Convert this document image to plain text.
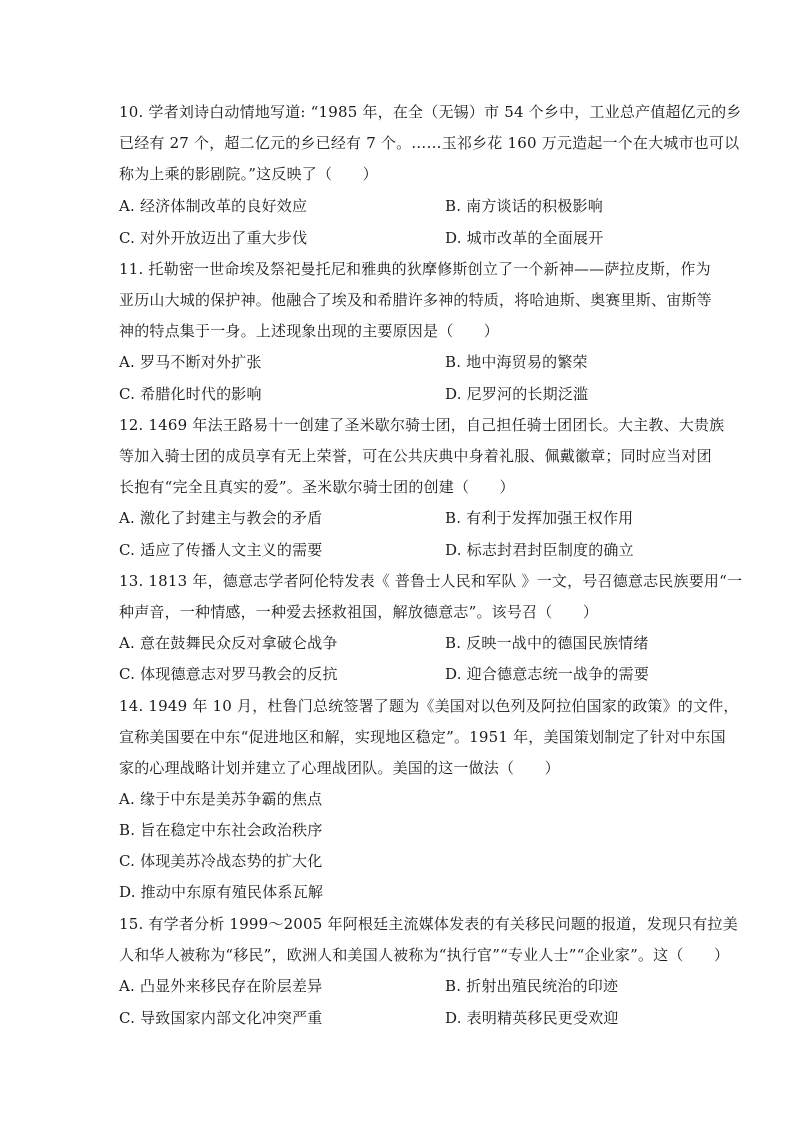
10. 学者刘诗白动情地写道: “1985 年，在全（无锡）市 54 个乡中，工业总产值超亿元的乡
已经有 27 个，超二亿元的乡已经有 7 个。……玉祁乡花 160 万元造起一个在大城市也可以
称为上乘的影剧院。”这反映了（　　）
A. 经济体制改革的良好效应	B. 南方谈话的积极影响
C. 对外开放迈出了重大步伐	D. 城市改革的全面展开
11. 托勒密一世命埃及祭祀曼托尼和雅典的狄摩修斯创立了一个新神——萨拉皮斯，作为
亚历山大城的保护神。他融合了埃及和希腊许多神的特质，将哈迪斯、奥赛里斯、宙斯等
神的特点集于一身。上述现象出现的主要原因是（　　）
A. 罗马不断对外扩张	B. 地中海贸易的繁荣
C. 希腊化时代的影响	D. 尼罗河的长期泛滥
12. 1469 年法王路易十一创建了圣米歇尔骑士团，自己担任骑士团团长。大主教、大贵族
等加入骑士团的成员享有无上荣誉，可在公共庆典中身着礼服、佩戴徽章；同时应当对团
长抱有“完全且真实的爱”。圣米歇尔骑士团的创建（　　）
A. 激化了封建主与教会的矛盾	B. 有利于发挥加强王权作用
C. 适应了传播人文主义的需要	D. 标志封君封臣制度的确立
13. 1813 年，德意志学者阿伦特发表《 普鲁士人民和军队 》一文，号召德意志民族要用“一
种声音，一种情感，一种爱去拯救祖国，解放德意志”。该号召（　　）
A. 意在鼓舞民众反对拿破仑战争	B. 反映一战中的德国民族情绪
C. 体现德意志对罗马教会的反抗	D. 迎合德意志统一战争的需要
14. 1949 年 10 月，杜鲁门总统签署了题为《美国对以色列及阿拉伯国家的政策》的文件，
宣称美国要在中东“促进地区和解，实现地区稳定”。1951 年，美国策划制定了针对中东国
家的心理战略计划并建立了心理战团队。美国的这一做法（　　）
A. 缘于中东是美苏争霸的焦点
B. 旨在稳定中东社会政治秩序
C. 体现美苏冷战态势的扩大化
D. 推动中东原有殖民体系瓦解
15. 有学者分析 1999～2005 年阿根廷主流媒体发表的有关移民问题的报道，发现只有拉美
人和华人被称为“移民”，欧洲人和美国人被称为“执行官”“专业人士”“企业家”。这（　　）
A. 凸显外来移民存在阶层差异	B. 折射出殖民统治的印迹
C. 导致国家内部文化冲突严重	D. 表明精英移民更受欢迎
